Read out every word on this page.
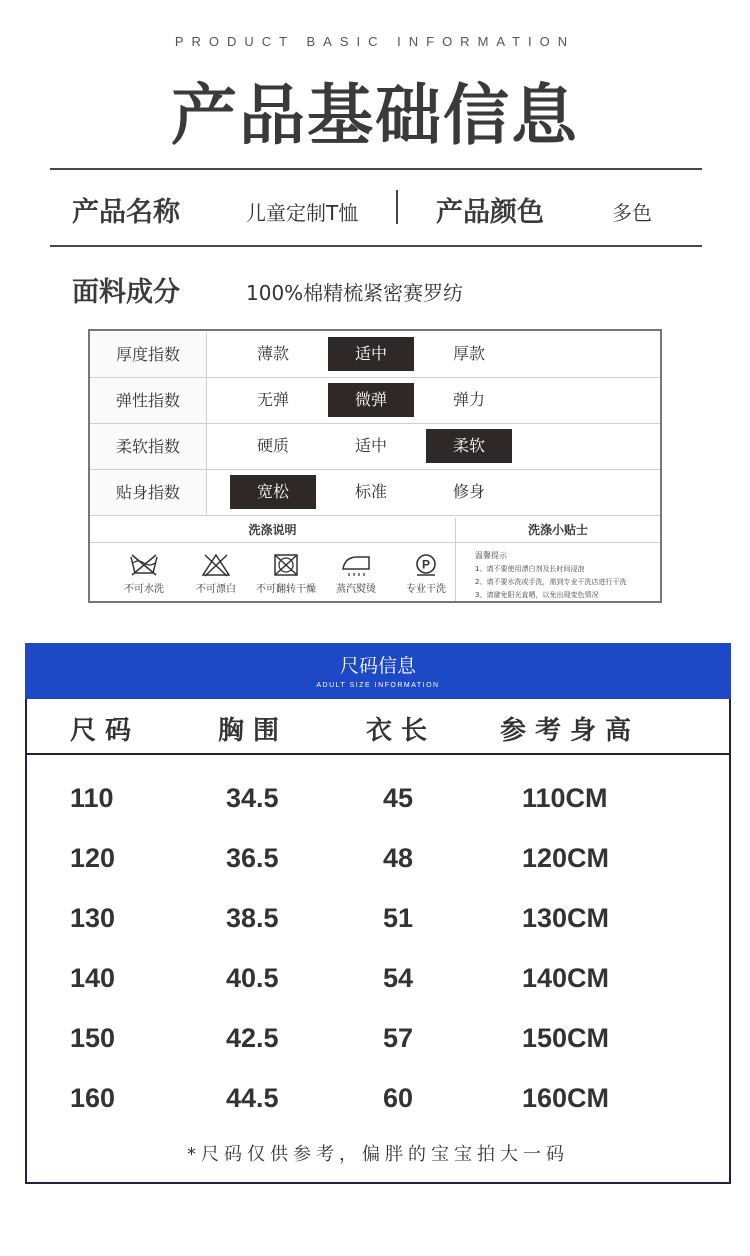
PRODUCT BASIC INFORMATION
产品基础信息
产品名称	儿童定制T恤	产品颜色	多色
面料成分	100%棉精梳紧密赛罗纺
厚度指数	薄款	适中	厚款
弹性指数	无弹	微弹	弹力
柔软指数	硬质	适中	柔软
贴身指数	宽松	标准	修身
洗涤说明	洗涤小贴士
不可水洗	不可漂白	不可翻转干燥	蒸汽熨烫
P
专业干洗
温馨提示
1、请不要使用漂白剂及长时间浸泡
2、请不要水洗或手洗，需到专业干洗店进行干洗
3、请避免阳光直晒，以免出现变色情况
尺码信息
ADULT SIZE INFORMATION
尺码	胸围	衣长 参考身高
110	34.5	45	110CM
120	36.5	48	120CM
130	38.5	51	130CM
140	40.5	54	140CM
150	42.5	57	150CM
160	44.5	60	160CM
*尺码仅供参考，偏胖的宝宝拍大一码
